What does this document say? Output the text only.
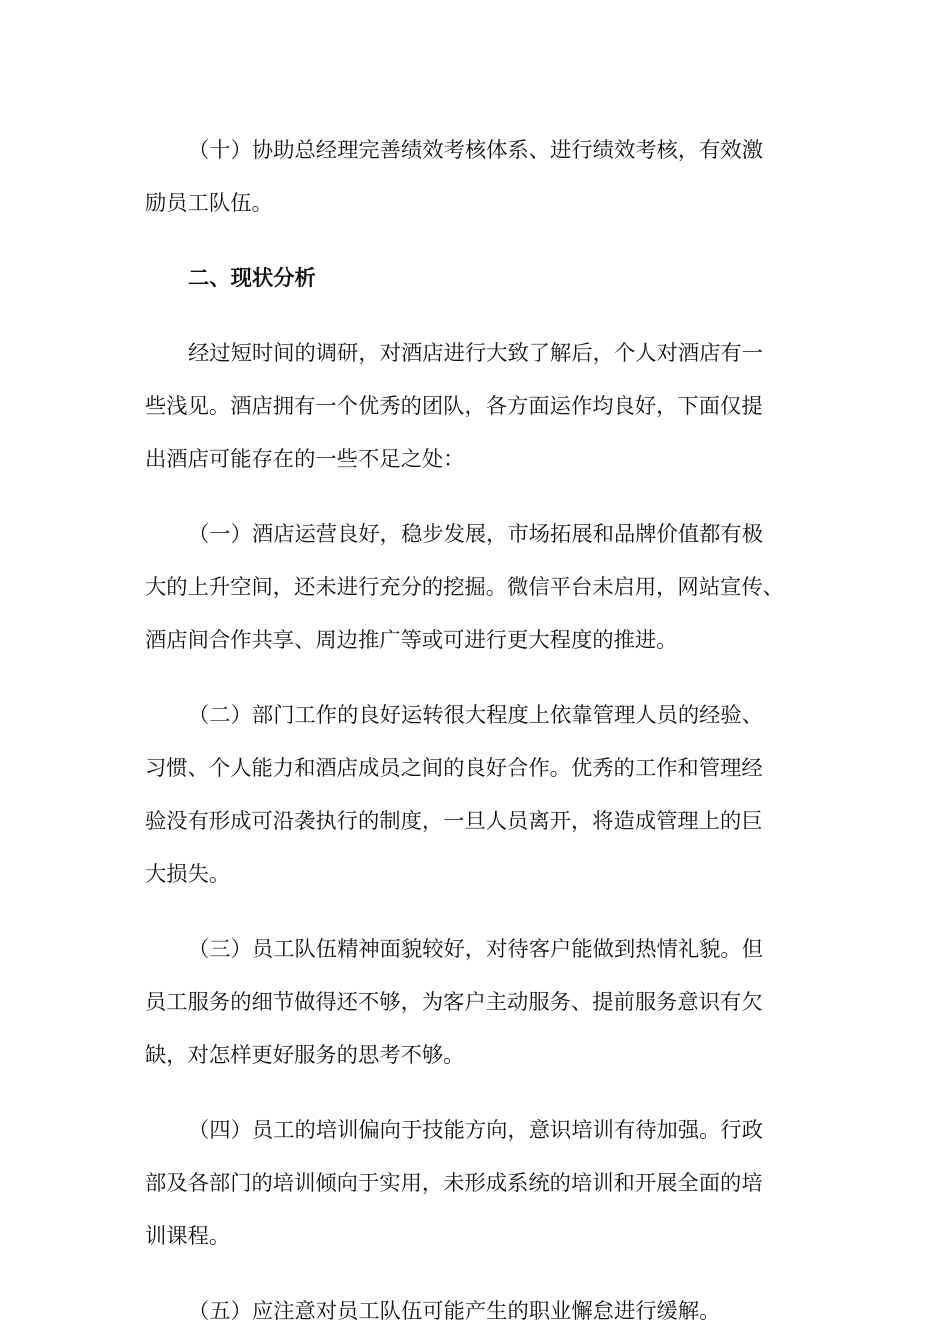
（十）协助总经理完善绩效考核体系、进行绩效考核，有效激
励员工队伍。
二、现状分析
经过短时间的调研，对酒店进行大致了解后，个人对酒店有一
些浅见。酒店拥有一个优秀的团队，各方面运作均良好，下面仅提
出酒店可能存在的一些不足之处：
（一）酒店运营良好，稳步发展，市场拓展和品牌价值都有极
大的上升空间，还未进行充分的挖掘。微信平台未启用，网站宣传、
酒店间合作共享、周边推广等或可进行更大程度的推进。
（二）部门工作的良好运转很大程度上依靠管理人员的经验、
习惯、个人能力和酒店成员之间的良好合作。优秀的工作和管理经
验没有形成可沿袭执行的制度，一旦人员离开，将造成管理上的巨
大损失。
（三）员工队伍精神面貌较好，对待客户能做到热情礼貌。但
员工服务的细节做得还不够，为客户主动服务、提前服务意识有欠
缺，对怎样更好服务的思考不够。
（四）员工的培训偏向于技能方向，意识培训有待加强。行政
部及各部门的培训倾向于实用，未形成系统的培训和开展全面的培
训课程。
（五）应注意对员工队伍可能产生的职业懈怠进行缓解。
